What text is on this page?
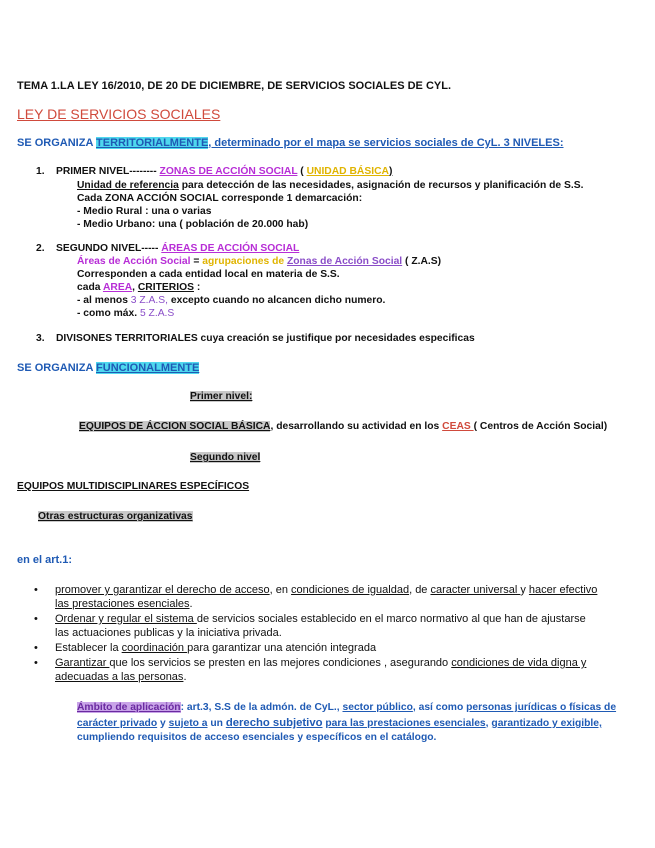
TEMA 1.LA LEY 16/2010, DE 20 DE DICIEMBRE, DE SERVICIOS SOCIALES DE CYL.
LEY DE SERVICIOS SOCIALES
SE ORGANIZA TERRITORIALMENTE, determinado por el mapa se servicios sociales de CyL. 3 NIVELES:
1. PRIMER NIVEL-------- ZONAS DE ACCIÓN SOCIAL ( UNIDAD BÁSICA)
Unidad de referencia para detección de las necesidades, asignación de recursos y planificación de S.S.
Cada ZONA ACCIÓN SOCIAL corresponde 1 demarcación:
- Medio Rural : una o varias
- Medio Urbano: una ( población de 20.000 hab)
2. SEGUNDO NIVEL----- ÁREAS DE ACCIÓN SOCIAL
Áreas de Acción Social = agrupaciones de Zonas de Acción Social ( Z.A.S)
Corresponden a cada entidad local en materia de S.S.
cada AREA, CRITERIOS :
- al menos 3 Z.A.S, excepto cuando no alcancen dicho numero.
- como máx. 5 Z.A.S
3. DIVISONES TERRITORIALES cuya creación se justifique por necesidades especificas
SE ORGANIZA FUNCIONALMENTE
Primer nivel:
EQUIPOS DE ÁCCION SOCIAL BÁSICA, desarrollando su actividad en los CEAS ( Centros de Acción Social)
Segundo nivel
EQUIPOS MULTIDISCIPLINARES ESPECÍFICOS
Otras estructuras organizativas
en el art.1:
• promover y garantizar el derecho de acceso, en condiciones de igualdad, de caracter universal y hacer efectivo
las prestaciones esenciales.
• Ordenar y regular el sistema de servicios sociales establecido en el marco normativo al que han de ajustarse
las actuaciones publicas y la iniciativa privada.
• Establecer la coordinación para garantizar una atención integrada
• Garantizar que los servicios se presten en las mejores condiciones , asegurando condiciones de vida digna y
adecuadas a las personas.
Ámbito de aplicación: art.3, S.S de la admón. de CyL., sector público, así como personas jurídicas o físicas de
carácter privado y sujeto a un derecho subjetivo para las prestaciones esenciales, garantizado y exigible,
cumpliendo requisitos de acceso esenciales y específicos en el catálogo.
